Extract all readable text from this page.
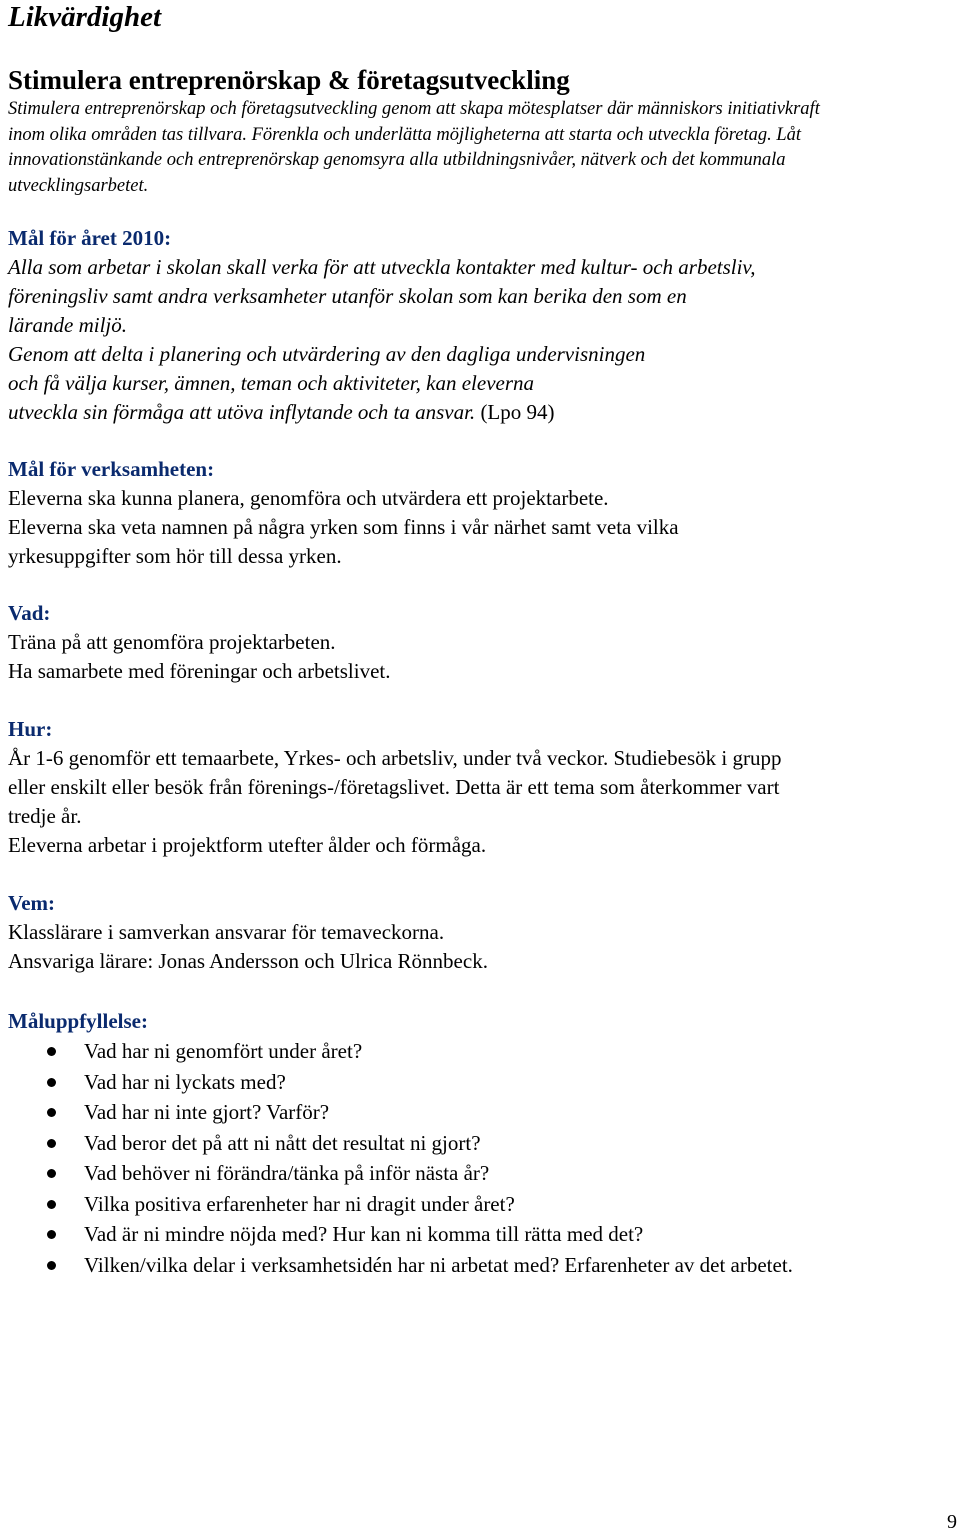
Likvärdighet
Stimulera entreprenörskap & företagsutveckling
Stimulera entreprenörskap och företagsutveckling genom att skapa mötesplatser där människors initiativkraft
inom olika områden tas tillvara. Förenkla och underlätta möjligheterna att starta och utveckla företag. Låt
innovationstänkande och entreprenörskap genomsyra alla utbildningsnivåer, nätverk och det kommunala
utvecklingsarbetet.
Mål för året 2010:
Alla som arbetar i skolan skall verka för att utveckla kontakter med kultur- och arbetsliv,
föreningsliv samt andra verksamheter utanför skolan som kan berika den som en
lärande miljö.
Genom att delta i planering och utvärdering av den dagliga undervisningen
och få välja kurser, ämnen, teman och aktiviteter, kan eleverna
utveckla sin förmåga att utöva inflytande och ta ansvar. (Lpo 94)
Mål för verksamheten:
Eleverna ska kunna planera, genomföra och utvärdera ett projektarbete.
Eleverna ska veta namnen på några yrken som finns i vår närhet samt veta vilka
yrkesuppgifter som hör till dessa yrken.
Vad:
Träna på att genomföra projektarbeten.
Ha samarbete med föreningar och arbetslivet.
Hur:
År 1-6 genomför ett temaarbete, Yrkes- och arbetsliv, under två veckor. Studiebesök i grupp
eller enskilt eller besök från förenings-/företagslivet. Detta är ett tema som återkommer vart
tredje år.
Eleverna arbetar i projektform utefter ålder och förmåga.
Vem:
Klasslärare i samverkan ansvarar för temaveckorna.
Ansvariga lärare: Jonas Andersson och Ulrica Rönnbeck.
Måluppfyllelse:
Vad har ni genomfört under året?
Vad har ni lyckats med?
Vad har ni inte gjort? Varför?
Vad beror det på att ni nått det resultat ni gjort?
Vad behöver ni förändra/tänka på inför nästa år?
Vilka positiva erfarenheter har ni dragit under året?
Vad är ni mindre nöjda med? Hur kan ni komma till rätta med det?
Vilken/vilka delar i verksamhetsidén har ni arbetat med? Erfarenheter av det arbetet.
9
